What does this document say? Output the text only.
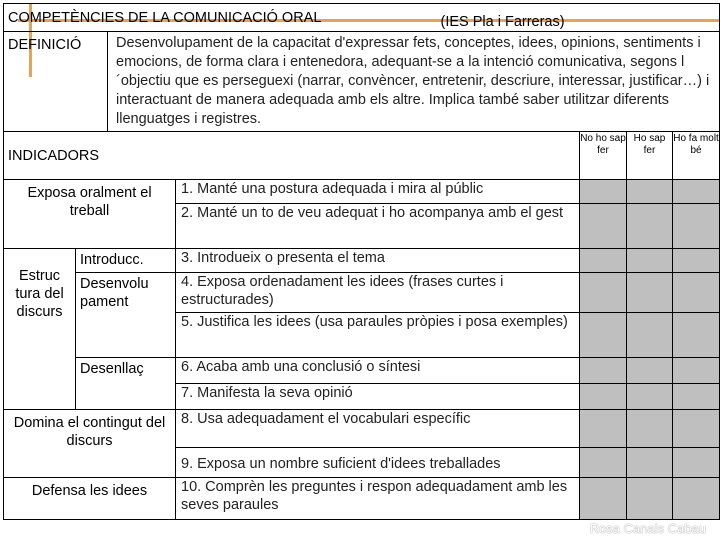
COMPETÈNCIES DE LA COMUNICACIÓ ORAL (IES Pla i Farreras)						

DEFINICIÓ		Desenvolupament de la capacitat d'expressar fets, conceptes, idees, opinions, sentiments i emocions, de forma clara i entenedora, adequant-se a la intenció comunicativa, segons l´objectiu que es perseguexi (narrar, convèncer, entretenir, descriure, interessar, justificar…) i interactuant de manera adequada amb els altre. Implica també saber utilitzar diferents llenguatges i registres.				
INDICADORS				No ho sap fer	Ho sap fer	Ho fa molt bé
Exposa oralment el treball			1. Manté una postura adequada i mira al públic			
			2. Manté un to de veu adequat i ho acompanya amb el gest			
Estruc tura del discurs	Introducc.		3. Introdueix o presenta el tema			
	Desenvolu pament		4. Exposa ordenadament les idees (frases curtes i estructurades)			
			5. Justifica les idees (usa paraules pròpies i posa exemples)			
	Desenllaç		6. Acaba amb una conclusió o síntesi			
			7. Manifesta la seva opinió			
Domina el contingut del discurs			8. Usa adequadament el vocabulari específic			
			9. Exposa un nombre suficient d'idees treballades			
Defensa les idees			10. Comprèn les preguntes i respon adequadament amb les seves paraules			
Rosa Canals Cabau
